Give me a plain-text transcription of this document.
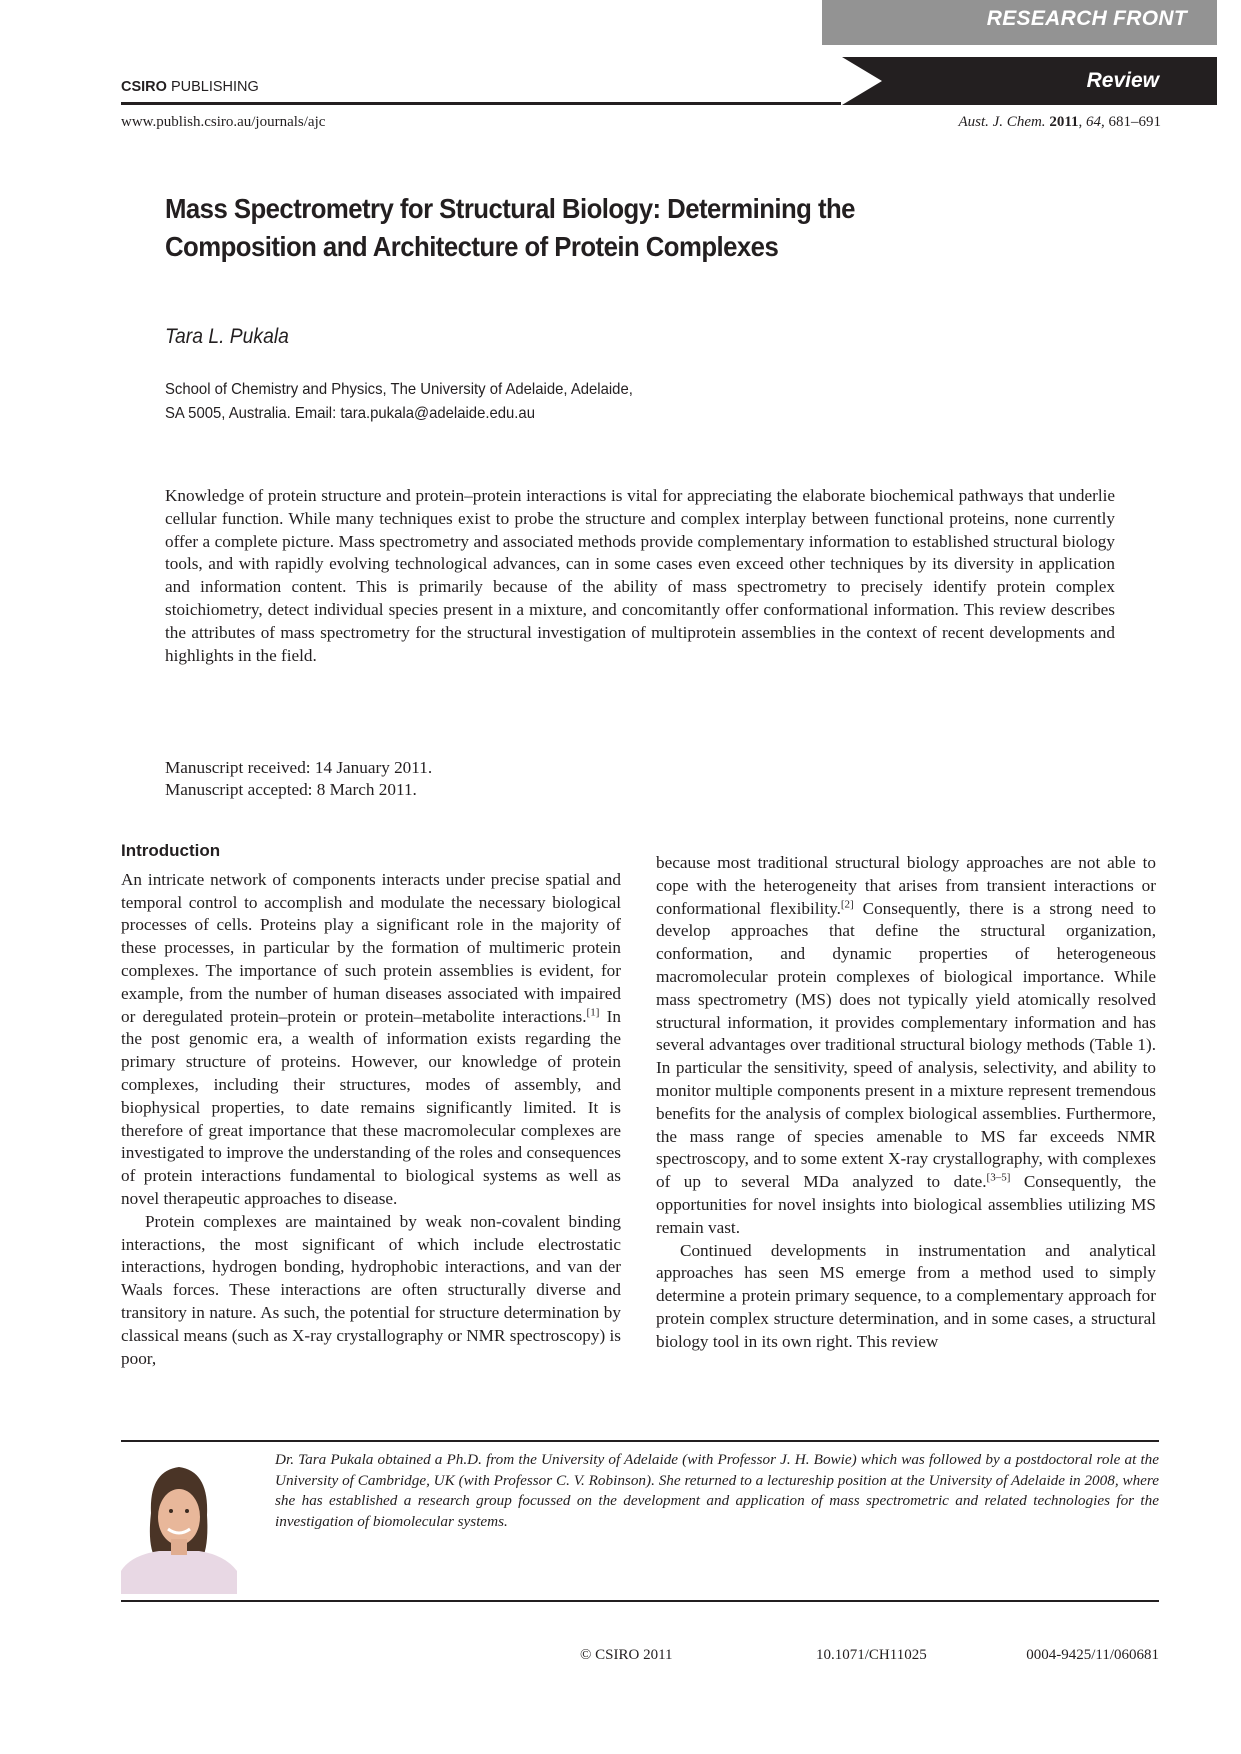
RESEARCH FRONT
Review
CSIRO PUBLISHING
www.publish.csiro.au/journals/ajc	Aust. J. Chem. 2011, 64, 681–691
Mass Spectrometry for Structural Biology: Determining the
Composition and Architecture of Protein Complexes
Tara L. Pukala
School of Chemistry and Physics, The University of Adelaide, Adelaide,
SA 5005, Australia. Email: tara.pukala@adelaide.edu.au
Knowledge of protein structure and protein–protein interactions is vital for appreciating the elaborate biochemical pathways that underlie cellular function. While many techniques exist to probe the structure and complex interplay between functional proteins, none currently offer a complete picture. Mass spectrometry and associated methods provide complementary information to established structural biology tools, and with rapidly evolving technological advances, can in some cases even exceed other techniques by its diversity in application and information content. This is primarily because of the ability of mass spectrometry to precisely identify protein complex stoichiometry, detect individual species present in a mixture, and concomitantly offer conformational information. This review describes the attributes of mass spectrometry for the structural investigation of multiprotein assemblies in the context of recent developments and highlights in the field.
Manuscript received: 14 January 2011.
Manuscript accepted: 8 March 2011.
Introduction

An intricate network of components interacts under precise spatial and temporal control to accomplish and modulate the necessary biological processes of cells. Proteins play a significant role in the majority of these processes, in particular by the formation of multimeric protein complexes. The importance of such protein assemblies is evident, for example, from the number of human diseases associated with impaired or deregulated protein–protein or protein–metabolite interactions.[1] In the post genomic era, a wealth of information exists regarding the primary structure of proteins. However, our knowledge of protein complexes, including their structures, modes of assembly, and biophysical properties, to date remains significantly limited. It is therefore of great importance that these macromolecular complexes are investigated to improve the understanding of the roles and consequences of protein interactions fundamental to biological systems as well as novel therapeutic approaches to disease.

Protein complexes are maintained by weak non-covalent binding interactions, the most significant of which include electrostatic interactions, hydrogen bonding, hydrophobic interactions, and van der Waals forces. These interactions are often structurally diverse and transitory in nature. As such, the potential for structure determination by classical means (such as X-ray crystallography or NMR spectroscopy) is poor,

because most traditional structural biology approaches are not able to cope with the heterogeneity that arises from transient interactions or conformational flexibility.[2] Consequently, there is a strong need to develop approaches that define the structural organization, conformation, and dynamic properties of heterogeneous macromolecular protein complexes of biological importance. While mass spectrometry (MS) does not typically yield atomically resolved structural information, it provides complementary information and has several advantages over traditional structural biology methods (Table 1). In particular the sensitivity, speed of analysis, selectivity, and ability to monitor multiple components present in a mixture represent tremendous benefits for the analysis of complex biological assemblies. Furthermore, the mass range of species amenable to MS far exceeds NMR spectroscopy, and to some extent X-ray crystallography, with complexes of up to several MDa analyzed to date.[3–5] Consequently, the opportunities for novel insights into biological assemblies utilizing MS remain vast.

Continued developments in instrumentation and analytical approaches has seen MS emerge from a method used to simply determine a protein primary sequence, to a complementary approach for protein complex structure determination, and in some cases, a structural biology tool in its own right. This review

Dr. Tara Pukala obtained a Ph.D. from the University of Adelaide (with Professor J. H. Bowie) which was followed by a postdoctoral role at the University of Cambridge, UK (with Professor C. V. Robinson). She returned to a lectureship position at the University of Adelaide in 2008, where she has established a research group focussed on the development and application of mass spectrometric and related technologies for the investigation of biomolecular systems.
© CSIRO 2011	10.1071/CH11025	0004-9425/11/060681
